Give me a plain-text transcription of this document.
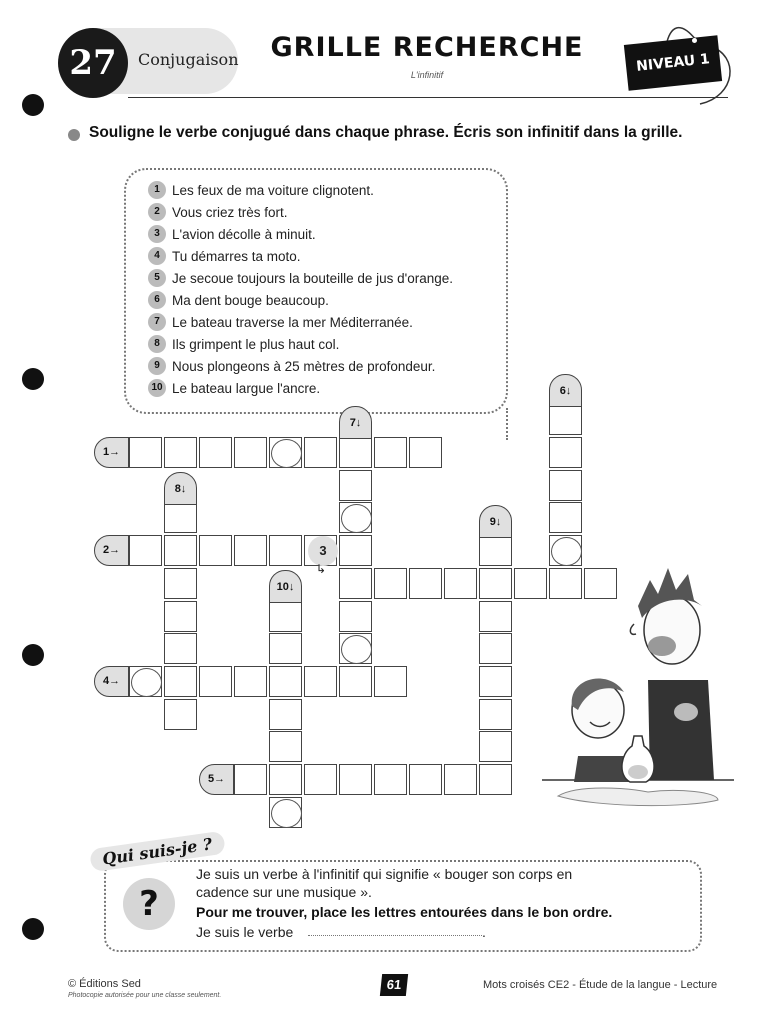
27	Conjugaison	GRILLE RECHERCHE
L'infinitif
NIVEAU 1
Souligne le verbe conjugué dans chaque phrase. Écris son infinitif dans la grille.
1 Les feux de ma voiture clignotent.
2 Vous criez très fort.
3 L'avion décolle à minuit.
4 Tu démarres ta moto.
5 Je secoue toujours la bouteille de jus d'orange.
6 Ma dent bouge beaucoup.
7 Le bateau traverse la mer Méditerranée.
8 Ils grimpent le plus haut col.
9 Nous plongeons à 25 mètres de profondeur.
10 Le bateau largue l'ancre.
1→
2→
4→
5→
6↓
7↓
8↓
9↓
10↓
3
↳
Qui suis-je ?
?
Je suis un verbe à l'infinitif qui signifie « bouger son corps en
cadence sur une musique ».
Pour me trouver, place les lettres entourées dans le bon ordre.
Je suis le verbe	.
© Éditions Sed
Photocopie autorisée pour une classe seulement.
61	Mots croisés CE2 - Étude de la langue - Lecture
